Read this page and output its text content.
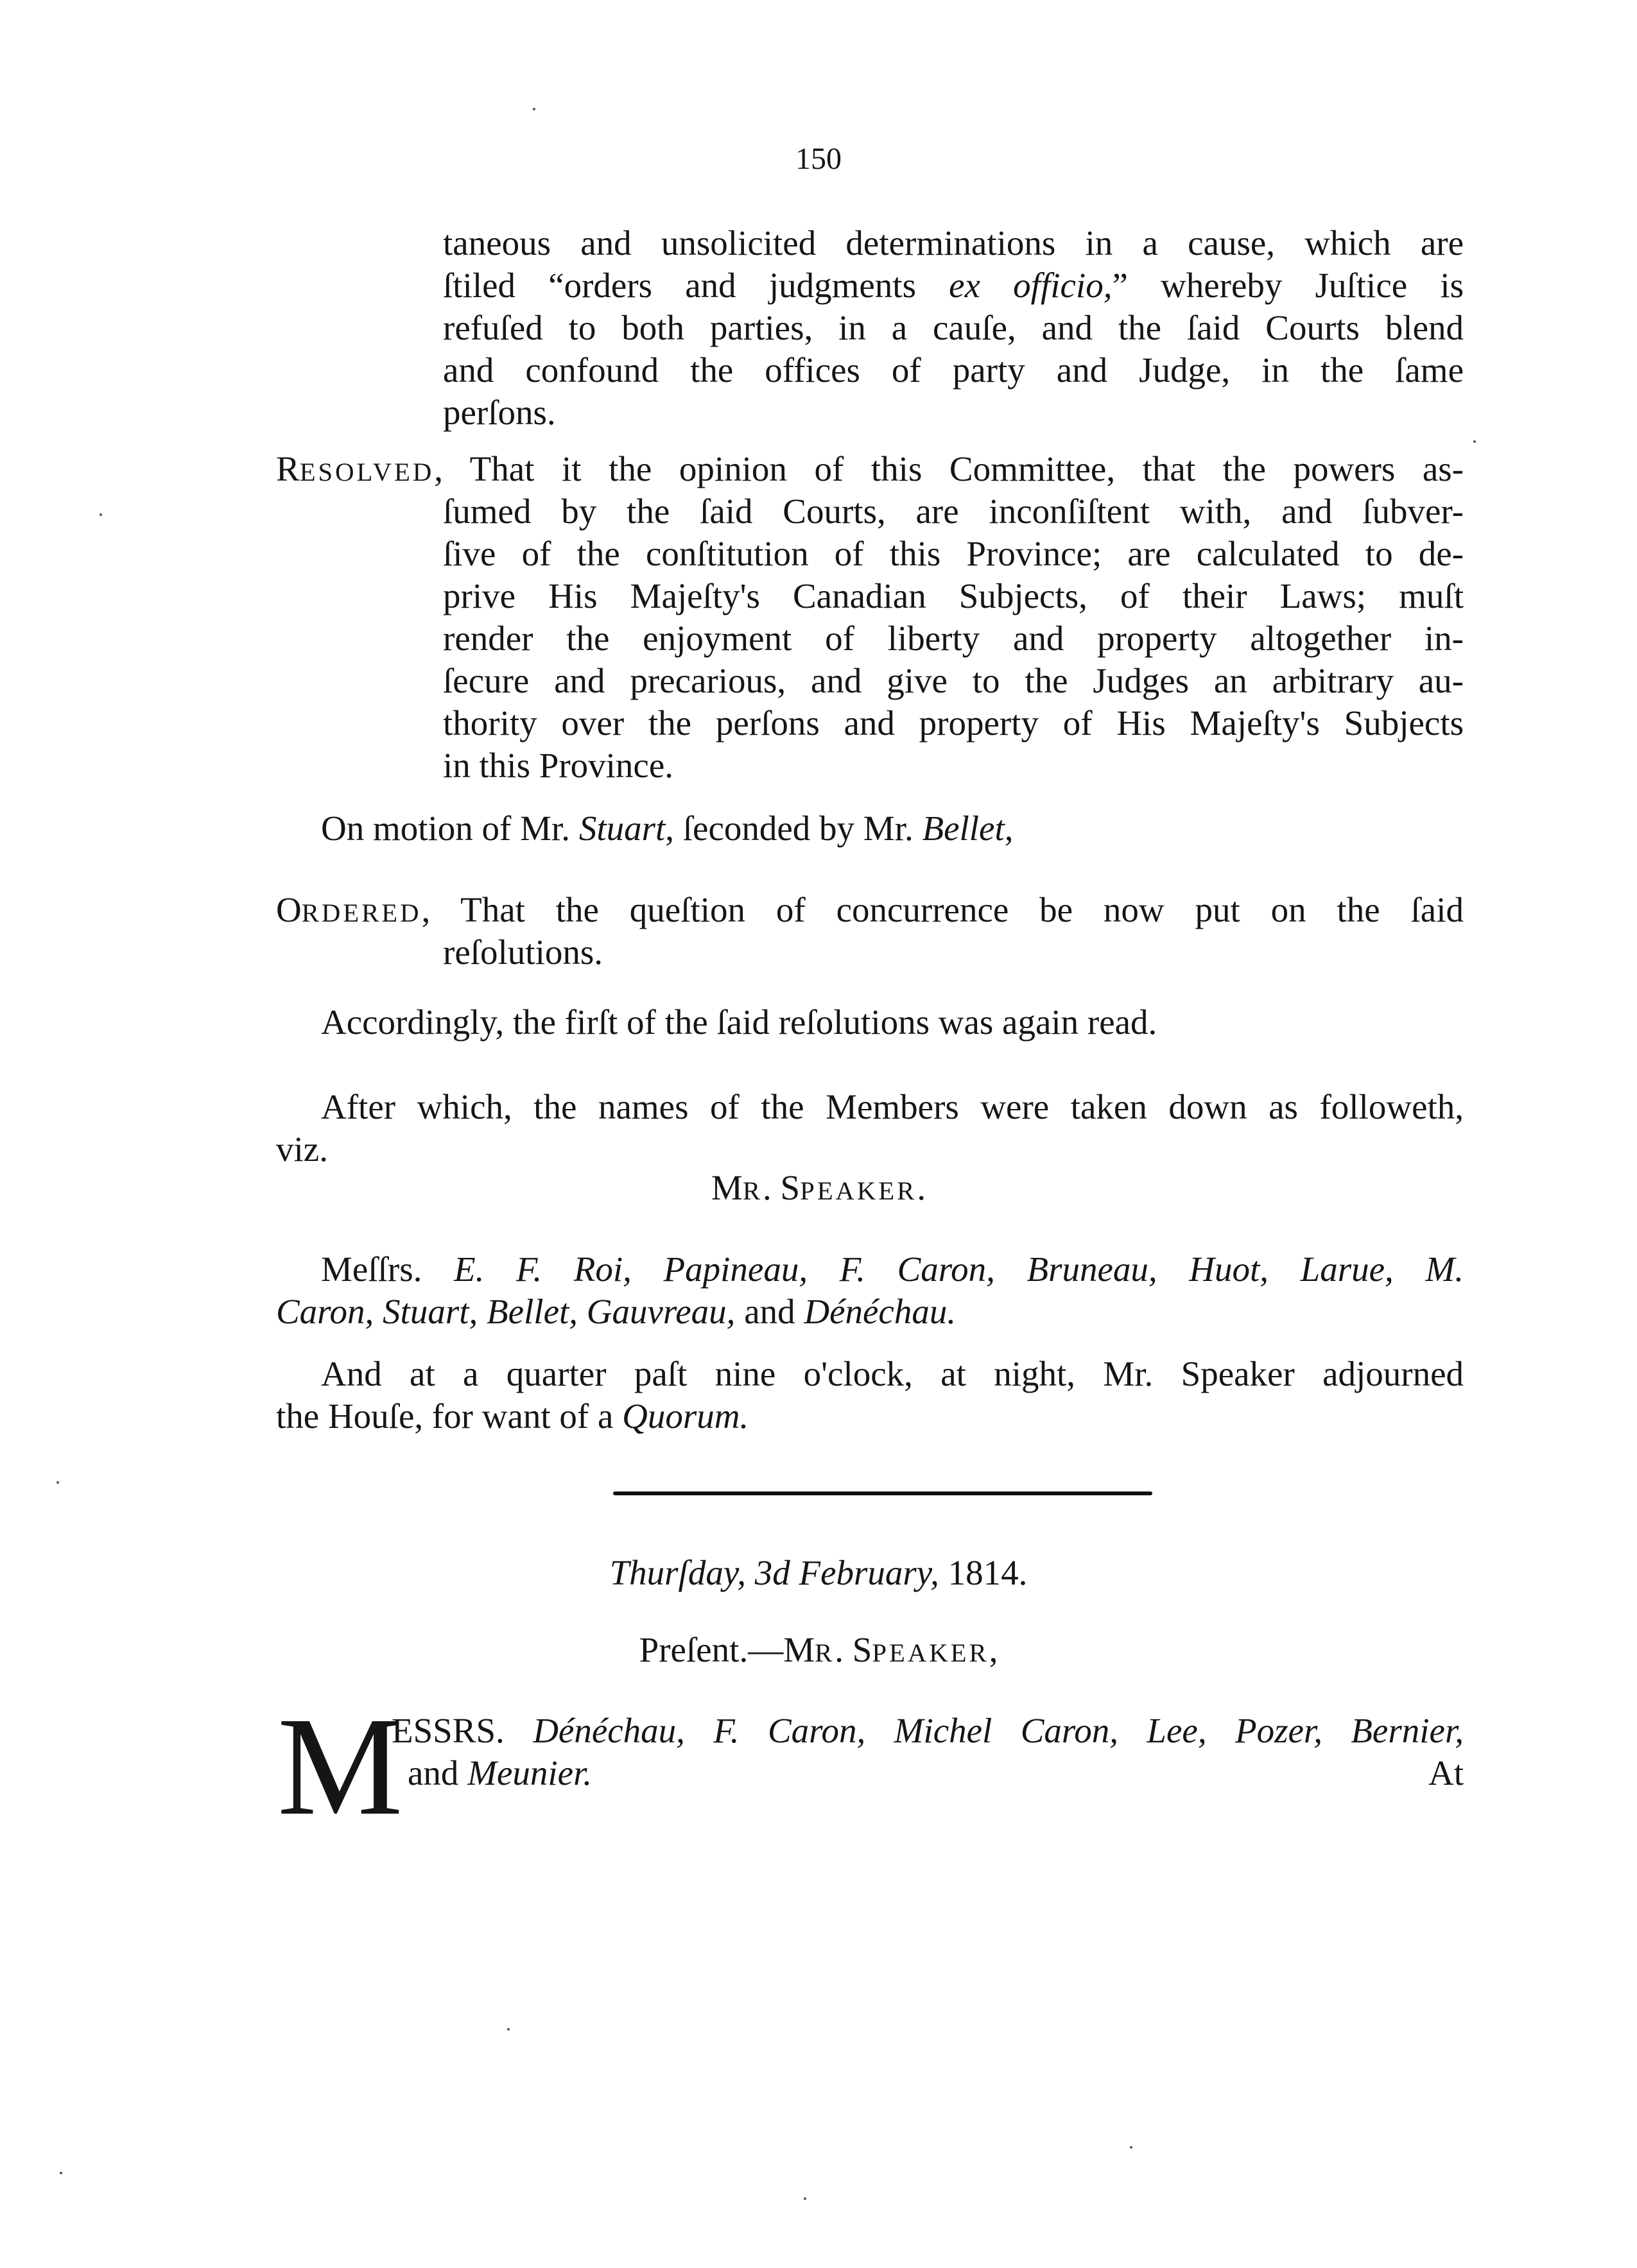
150
taneous and unsolicited determinations in a cause, which are
ſtiled “orders and judgments ex officio,” whereby Juſtice is
refuſed to both parties, in a cauſe, and the ſaid Courts blend
and confound the offices of party and Judge, in the ſame
perſons.
RESOLVED, That it the opinion of this Committee, that the powers as-
ſumed by the ſaid Courts, are inconſiſtent with, and ſubver-
ſive of the conſtitution of this Province; are calculated to de-
prive His Majeſty's Canadian Subjects, of their Laws; muſt
render the enjoyment of liberty and property altogether in-
ſecure and precarious, and give to the Judges an arbitrary au-
thority over the perſons and property of His Majeſty's Subjects
in this Province.
On motion of Mr. Stuart, ſeconded by Mr. Bellet,
ORDERED, That the queſtion of concurrence be now put on the ſaid
reſolutions.
Accordingly, the firſt of the ſaid reſolutions was again read.
After which, the names of the Members were taken down as followeth,
viz.
MR. SPEAKER.
Meſſrs. E. F. Roi, Papineau, F. Caron, Bruneau, Huot, Larue, M.
Caron, Stuart, Bellet, Gauvreau, and Dénéchau.
And at a quarter paſt nine o'clock, at night, Mr. Speaker adjourned
the Houſe, for want of a Quorum.
Thurſday, 3d February, 1814.
Preſent.—MR. SPEAKER,
M
ESSRS. Dénéchau, F. Caron, Michel Caron, Lee, Pozer, Bernier,
and Meunier.	At
